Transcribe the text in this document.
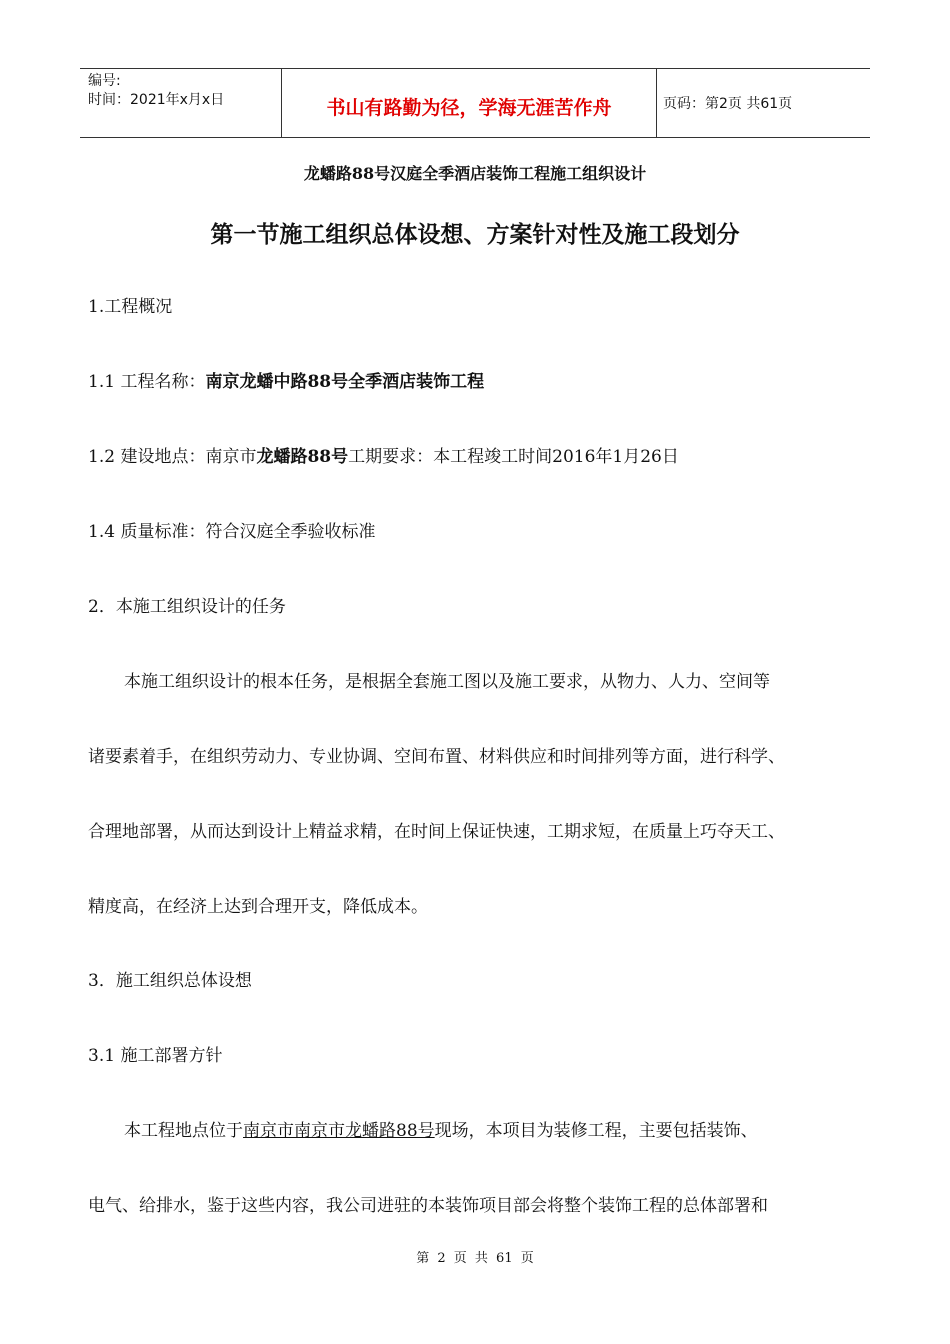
编号:
时间：2021年x月x日	书山有路勤为径，学海无涯苦作舟	页码：第2页 共61页
龙蟠路88号汉庭全季酒店装饰工程施工组织设计
第一节施工组织总体设想、方案针对性及施工段划分
1.工程概况
1.1 工程名称：南京龙蟠中路88号全季酒店装饰工程
1.2 建设地点：南京市龙蟠路88号工期要求：本工程竣工时间2016年1月26日
1.4 质量标准：符合汉庭全季验收标准
2．本施工组织设计的任务
本施工组织设计的根本任务，是根据全套施工图以及施工要求，从物力、人力、空间等
诸要素着手，在组织劳动力、专业协调、空间布置、材料供应和时间排列等方面，进行科学、
合理地部署，从而达到设计上精益求精，在时间上保证快速，工期求短，在质量上巧夺天工、
精度高，在经济上达到合理开支，降低成本。
3．施工组织总体设想
3.1 施工部署方针
本工程地点位于南京市南京市龙蟠路88号现场，本项目为装修工程，主要包括装饰、
电气、给排水，鉴于这些内容，我公司进驻的本装饰项目部会将整个装饰工程的总体部署和
第 2 页 共 61 页
